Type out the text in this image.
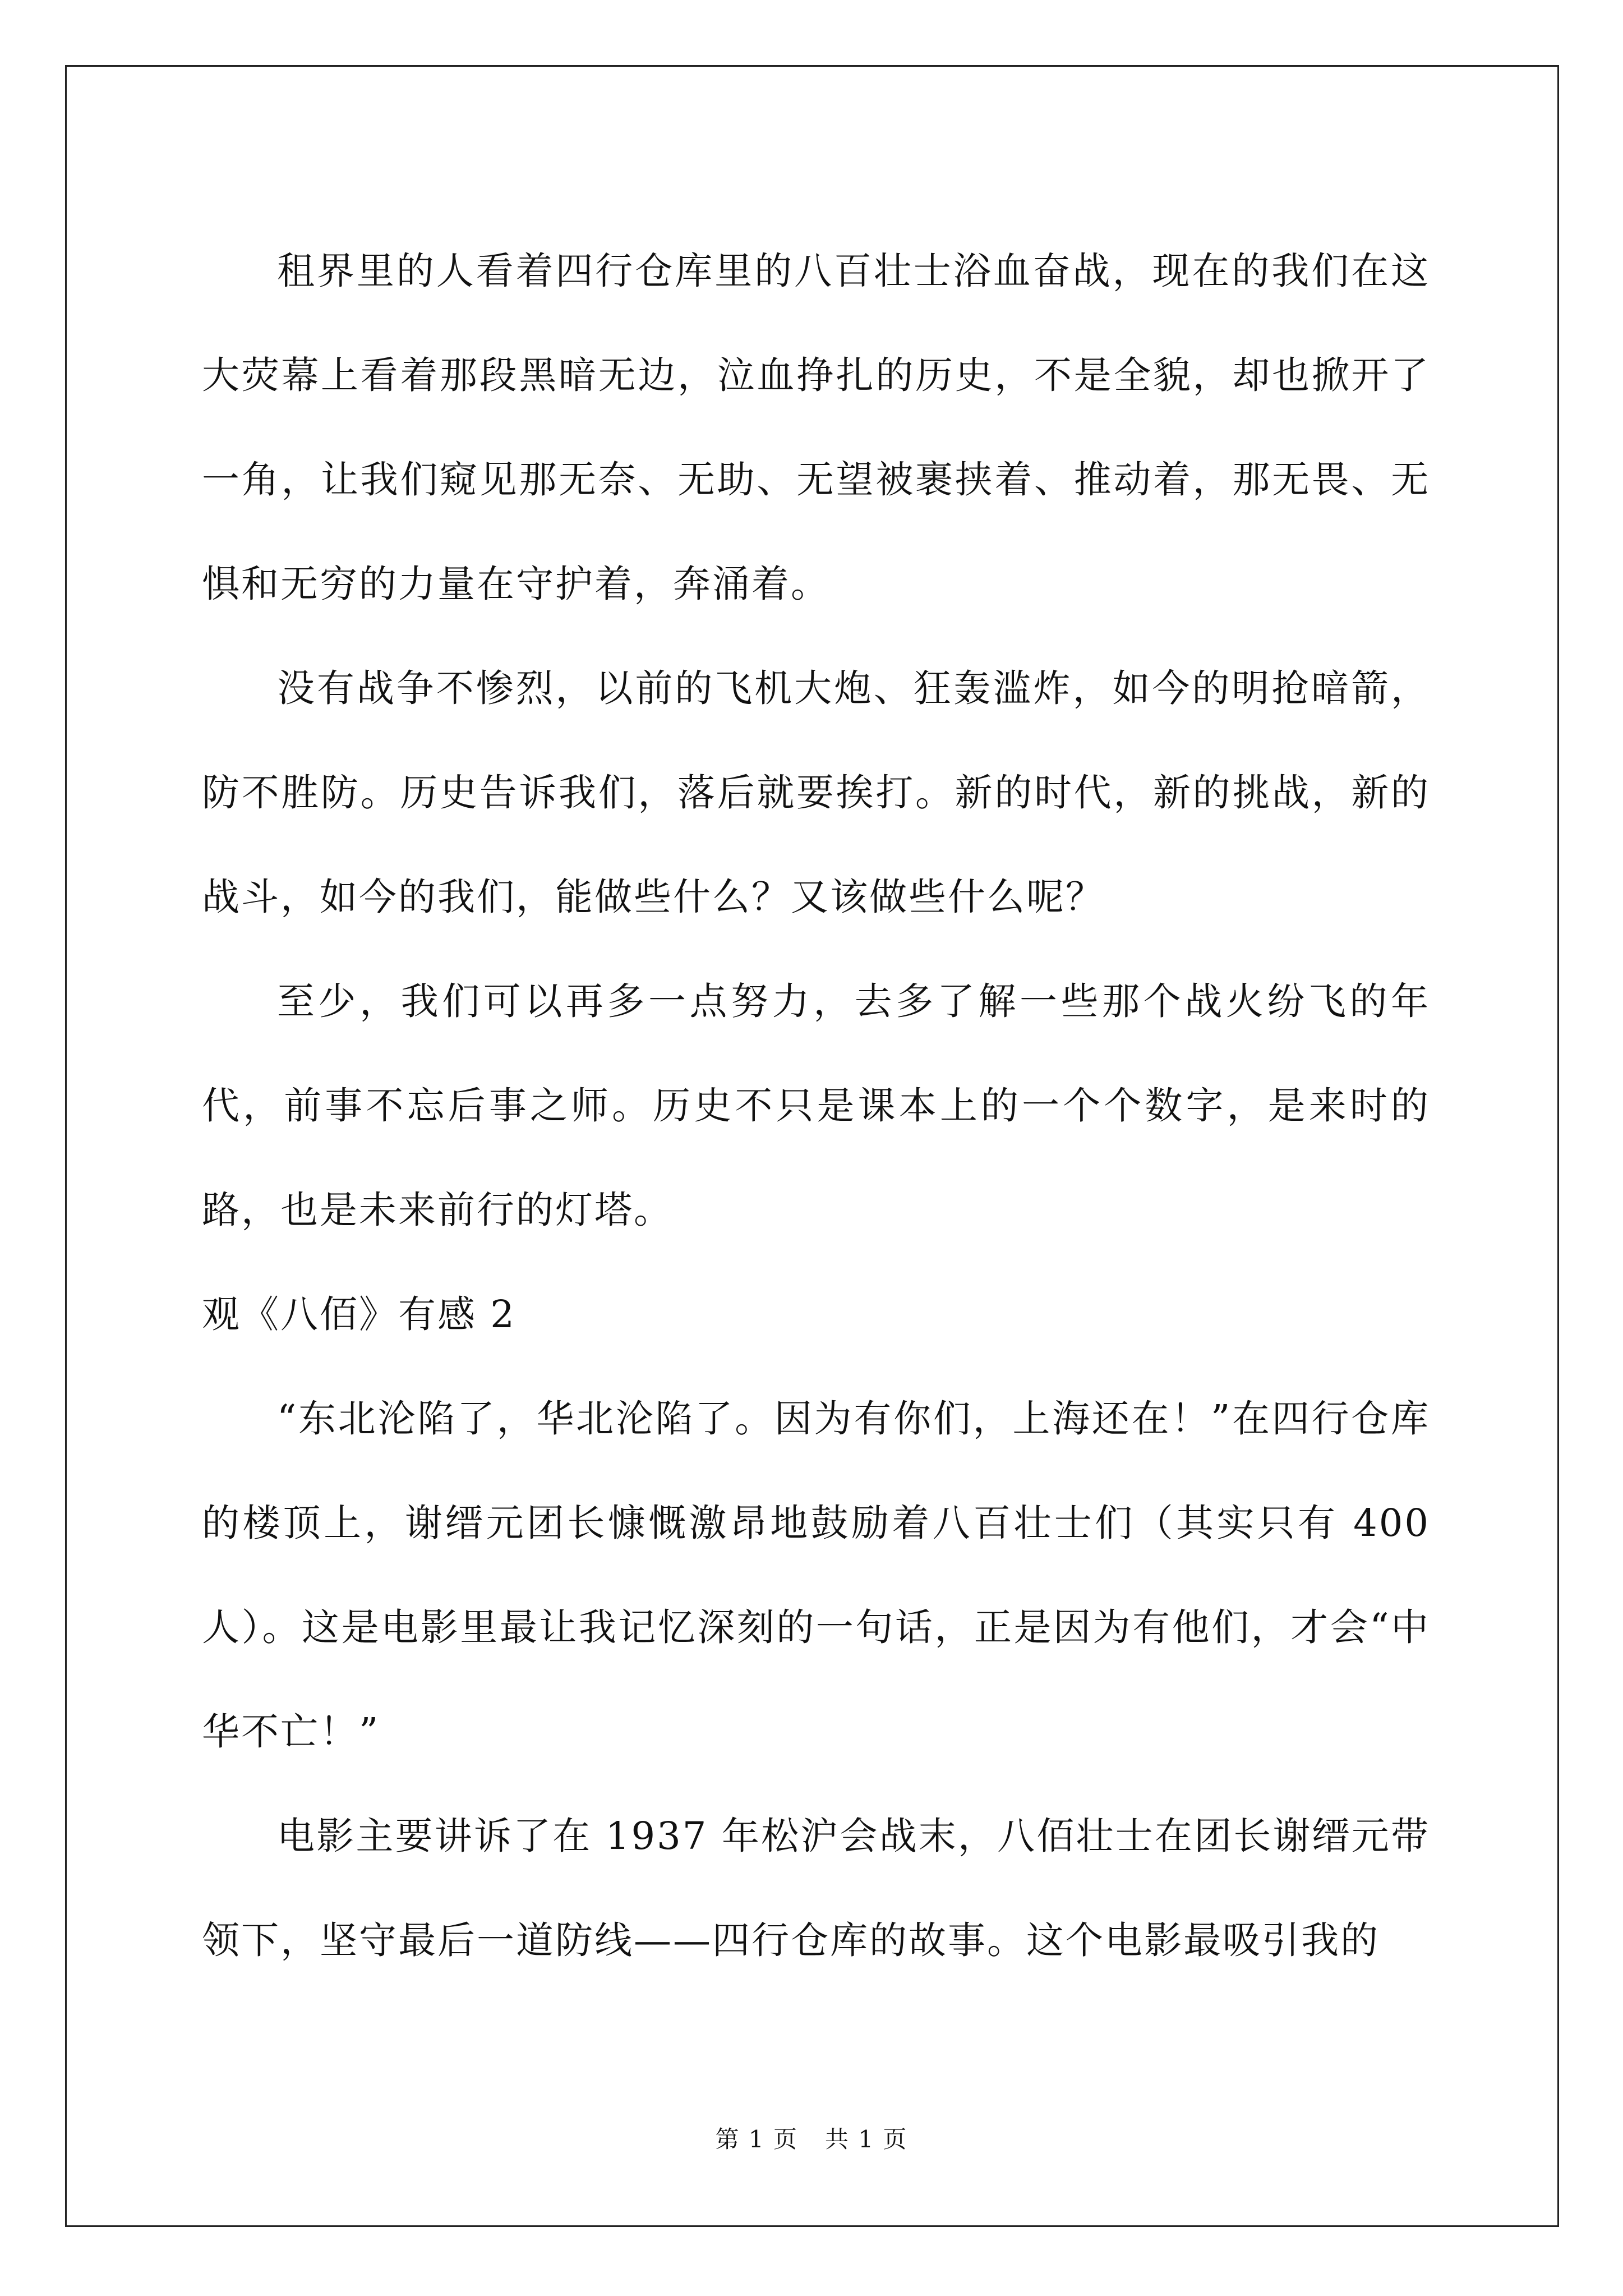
租界里的人看着四行仓库里的八百壮士浴血奋战，现在的我们在这大荧幕上看着那段黑暗无边，泣血挣扎的历史，不是全貌，却也掀开了一角，让我们窥见那无奈、无助、无望被裹挟着、推动着，那无畏、无惧和无穷的力量在守护着，奔涌着。

没有战争不惨烈，以前的飞机大炮、狂轰滥炸，如今的明抢暗箭，防不胜防。历史告诉我们，落后就要挨打。新的时代，新的挑战，新的战斗，如今的我们，能做些什么？又该做些什么呢？

至少，我们可以再多一点努力，去多了解一些那个战火纷飞的年代，前事不忘后事之师。历史不只是课本上的一个个数字，是来时的路，也是未来前行的灯塔。

观《八佰》有感 2

“东北沦陷了，华北沦陷了。因为有你们，上海还在！”在四行仓库的楼顶上，谢缙元团长慷慨激昂地鼓励着八百壮士们（其实只有 400 人）。这是电影里最让我记忆深刻的一句话，正是因为有他们，才会“中华不亡！”

电影主要讲诉了在 1937 年松沪会战末，八佰壮士在团长谢缙元带领下，坚守最后一道防线——四行仓库的故事。这个电影最吸引我的

第 1 页 共 1 页
